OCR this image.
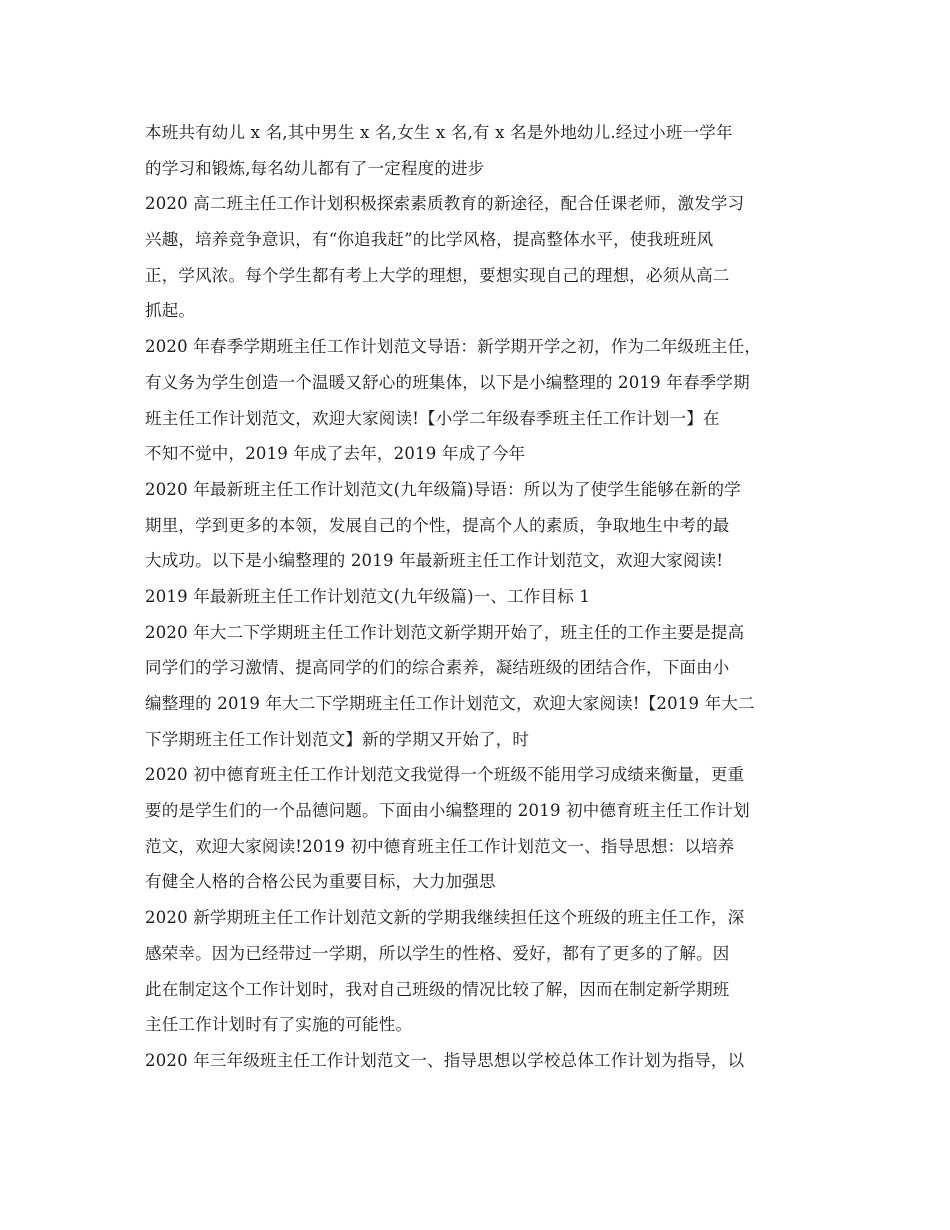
本班共有幼儿 x 名,其中男生 x 名,女生 x 名,有 x 名是外地幼儿.经过小班一学年
的学习和锻炼,每名幼儿都有了一定程度的进步
2020 高二班主任工作计划积极探索素质教育的新途径，配合任课老师，激发学习
兴趣，培养竞争意识，有“你追我赶”的比学风格，提高整体水平，使我班班风
正，学风浓。每个学生都有考上大学的理想，要想实现自己的理想，必须从高二
抓起。
2020 年春季学期班主任工作计划范文导语：新学期开学之初，作为二年级班主任，
有义务为学生创造一个温暖又舒心的班集体，以下是小编整理的 2019 年春季学期
班主任工作计划范文，欢迎大家阅读!【小学二年级春季班主任工作计划一】在
不知不觉中，2019 年成了去年，2019 年成了今年
2020 年最新班主任工作计划范文(九年级篇)导语：所以为了使学生能够在新的学
期里，学到更多的本领，发展自己的个性，提高个人的素质，争取地生中考的最
大成功。以下是小编整理的 2019 年最新班主任工作计划范文，欢迎大家阅读!
2019 年最新班主任工作计划范文(九年级篇)一、工作目标 1
2020 年大二下学期班主任工作计划范文新学期开始了，班主任的工作主要是提高
同学们的学习激情、提高同学的们的综合素养，凝结班级的团结合作，下面由小
编整理的 2019 年大二下学期班主任工作计划范文，欢迎大家阅读!【2019 年大二
下学期班主任工作计划范文】新的学期又开始了，时
2020 初中德育班主任工作计划范文我觉得一个班级不能用学习成绩来衡量，更重
要的是学生们的一个品德问题。下面由小编整理的 2019 初中德育班主任工作计划
范文，欢迎大家阅读!2019 初中德育班主任工作计划范文一、指导思想：以培养
有健全人格的合格公民为重要目标，大力加强思
2020 新学期班主任工作计划范文新的学期我继续担任这个班级的班主任工作，深
感荣幸。因为已经带过一学期，所以学生的性格、爱好，都有了更多的了解。因
此在制定这个工作计划时，我对自己班级的情况比较了解，因而在制定新学期班
主任工作计划时有了实施的可能性。
2020 年三年级班主任工作计划范文一、指导思想以学校总体工作计划为指导，以
